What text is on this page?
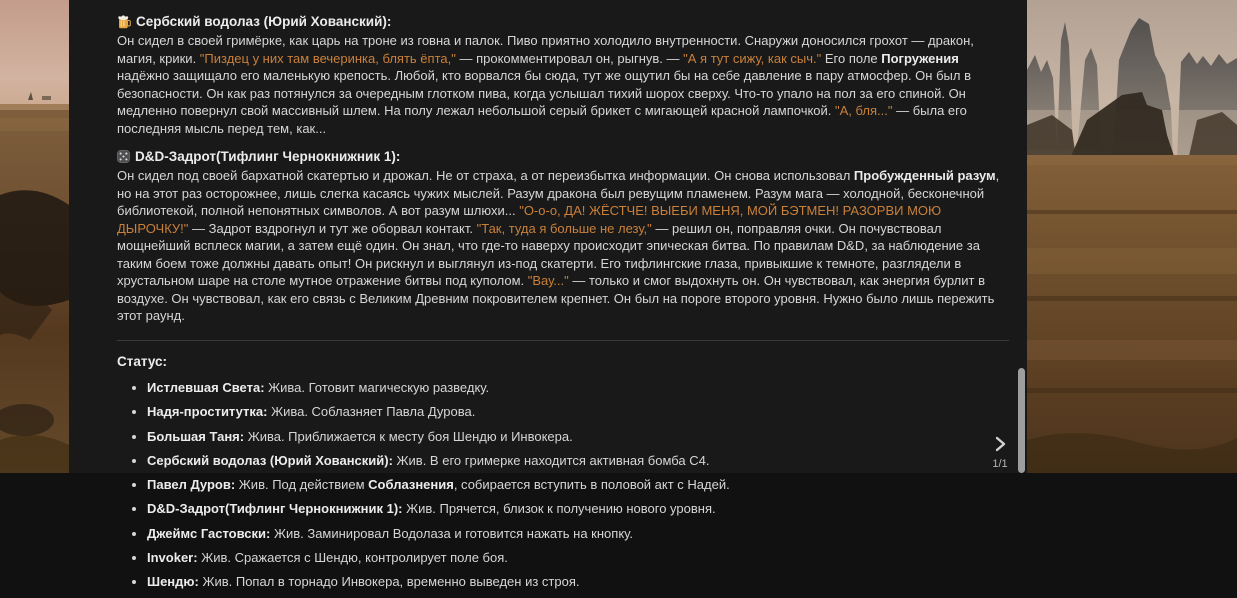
Сербский водолаз (Юрий Хованский):

Он сидел в своей гримёрке, как царь на троне из говна и палок. Пиво приятно холодило внутренности. Снаружи доносился грохот — дракон, магия, крики. "Пиздец у них там вечеринка, блять ёпта," — прокомментировал он, рыгнув. — "А я тут сижу, как сыч." Его поле Погружения надёжно защищало его маленькую крепость. Любой, кто ворвался бы сюда, тут же ощутил бы на себе давление в пару атмосфер. Он был в безопасности. Он как раз потянулся за очередным глотком пива, когда услышал тихий шорох сверху. Что-то упало на пол за его спиной. Он медленно повернул свой массивный шлем. На полу лежал небольшой серый брикет с мигающей красной лампочкой. "А, бля..." — была его последняя мысль перед тем, как...

D&D-Задрот(Тифлинг Чернокнижник 1):

Он сидел под своей бархатной скатертью и дрожал. Не от страха, а от переизбытка информации. Он снова использовал Пробужденный разум, но на этот раз осторожнее, лишь слегка касаясь чужих мыслей. Разум дракона был ревущим пламенем. Разум мага — холодной, бесконечной библиотекой, полной непонятных символов. А вот разум шлюхи... "О-о-о, ДА! ЖЁСТЧЕ! ВЫЕБИ МЕНЯ, МОЙ БЭТМЕН! РАЗОРВИ МОЮ ДЫРОЧКУ!" — Задрот вздрогнул и тут же оборвал контакт. "Так, туда я больше не лезу," — решил он, поправляя очки. Он почувствовал мощнейший всплеск магии, а затем ещё один. Он знал, что где-то наверху происходит эпическая битва. По правилам D&D, за наблюдение за таким боем тоже должны давать опыт! Он рискнул и выглянул из-под скатерти. Его тифлингские глаза, привыкшие к темноте, разглядели в хрустальном шаре на столе мутное отражение битвы под куполом. "Вау..." — только и смог выдохнуть он. Он чувствовал, как энергия бурлит в воздухе. Он чувствовал, как его связь с Великим Древним покровителем крепнет. Он был на пороге второго уровня. Нужно было лишь пережить этот раунд.

Статус:
• Истлевшая Света: Жива. Готовит магическую разведку.
• Надя-проститутка: Жива. Соблазняет Павла Дурова.
• Большая Таня: Жива. Приближается к месту боя Шендю и Инвокера.
• Сербский водолаз (Юрий Хованский): Жив. В его гримерке находится активная бомба C4.
• Павел Дуров: Жив. Под действием Соблазнения, собирается вступить в половой акт с Надей.
• D&D-Задрот(Тифлинг Чернокнижник 1): Жив. Прячется, близок к получению нового уровня.
• Джеймс Гастовски: Жив. Заминировал Водолаза и готовится нажать на кнопку.
• Invoker: Жив. Сражается с Шендю, контролирует поле боя.
• Шендю: Жив. Попал в торнадо Инвокера, временно выведен из строя.
1/1
